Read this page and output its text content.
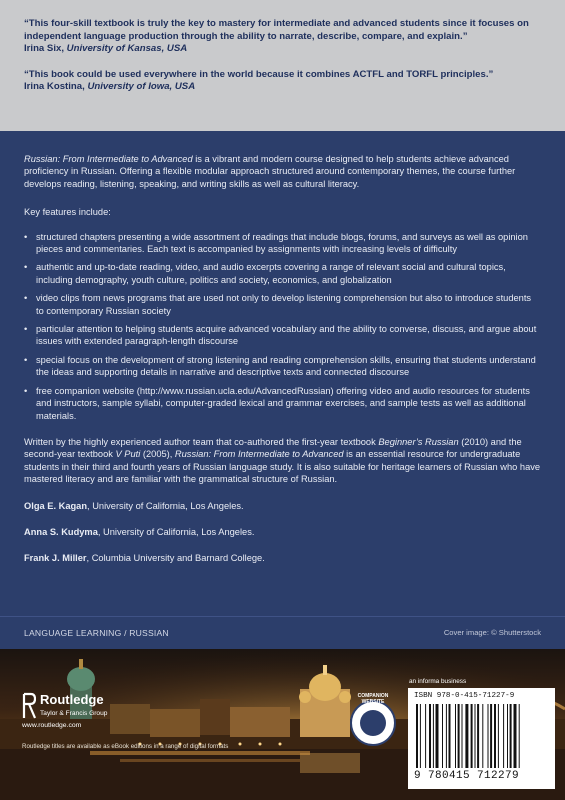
“This four-skill textbook is truly the key to mastery for intermediate and advanced students since it focuses on independent language production through the ability to narrate, describe, compare, and explain.”
Irina Six, University of Kansas, USA
“This book could be used everywhere in the world because it combines ACTFL and TORFL principles.”
Irina Kostina, University of Iowa, USA

Russian: From Intermediate to Advanced is a vibrant and modern course designed to help students achieve advanced proficiency in Russian. Offering a flexible modular approach structured around contemporary themes, the course further develops reading, listening, speaking, and writing skills as well as cultural literacy.

Key features include:

• structured chapters presenting a wide assortment of readings that include blogs, forums, and surveys as well as opinion pieces and commentaries. Each text is accompanied by assignments with increasing levels of difficulty
• authentic and up-to-date reading, video, and audio excerpts covering a range of relevant social and cultural topics, including demography, youth culture, politics and society, economics, and globalization
• video clips from news programs that are used not only to develop listening comprehension but also to introduce students to contemporary Russian society
• particular attention to helping students acquire advanced vocabulary and the ability to converse, discuss, and argue about issues with extended paragraph-length discourse
• special focus on the development of strong listening and reading comprehension skills, ensuring that students understand the ideas and supporting details in narrative and descriptive texts and connected discourse
• free companion website (http://www.russian.ucla.edu/AdvancedRussian) offering video and audio resources for students and instructors, sample syllabi, computer-graded lexical and grammar exercises, and sample tests as well as additional materials.

Written by the highly experienced author team that co-authored the first-year textbook Beginner’s Russian (2010) and the second-year textbook V Puti (2005), Russian: From Intermediate to Advanced is an essential resource for undergraduate students in their third and fourth years of Russian language study. It is also suitable for heritage learners of Russian who have mastered literacy and are familiar with the grammatical structure of Russian.

Olga E. Kagan, University of California, Los Angeles.

Anna S. Kudyma, University of California, Los Angeles.

Frank J. Miller, Columbia University and Barnard College.

LANGUAGE LEARNING / RUSSIAN	Cover image: © Shutterstock
Routledge
Taylor & Francis Group
www.routledge.com
Routledge titles are available as eBook editions in a range of digital formats
COMPANION WEBSITE
an informa business
ISBN 978-0-415-71227-9
9 780415 712279
